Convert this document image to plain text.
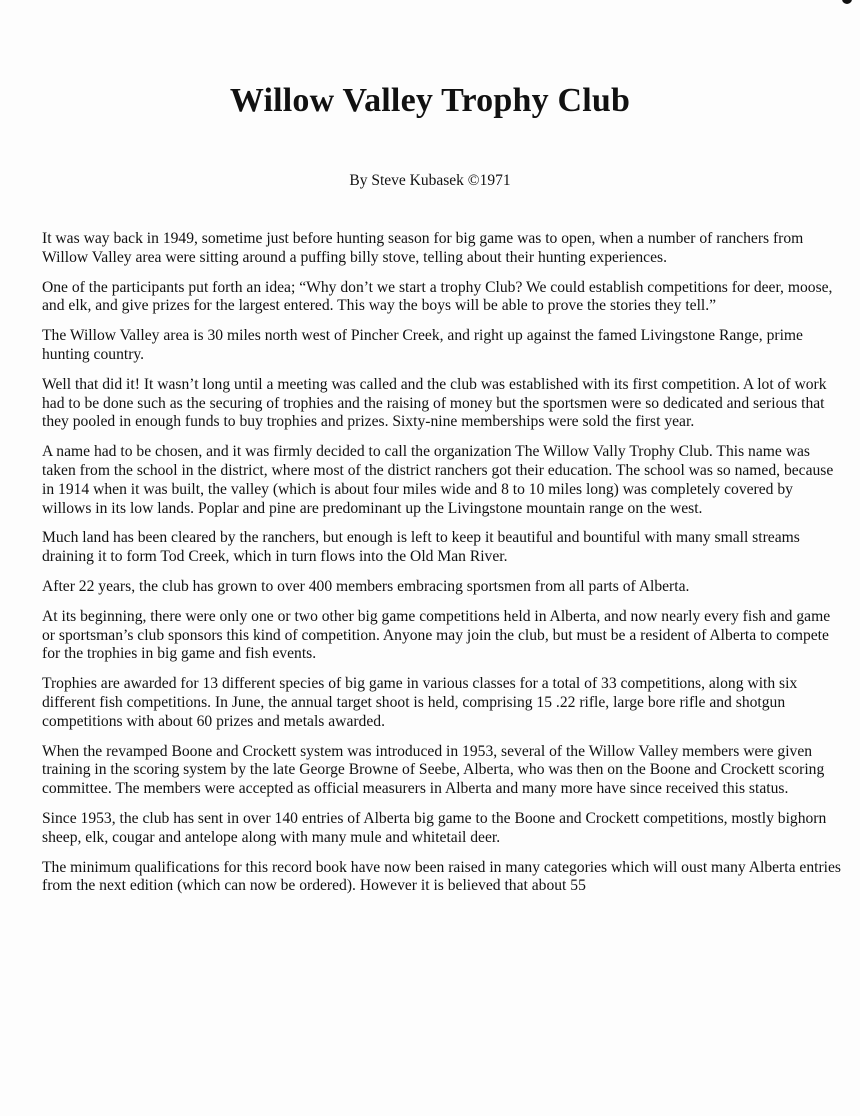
Willow Valley Trophy Club

By Steve Kubasek ©1971

It was way back in 1949, sometime just before hunting season for big game was to open, when a number of ranchers from Willow Valley area were sitting around a puffing billy stove, telling about their hunting experiences.

One of the participants put forth an idea; “Why don’t we start a trophy Club? We could establish competitions for deer, moose, and elk, and give prizes for the largest entered. This way the boys will be able to prove the stories they tell.”

The Willow Valley area is 30 miles north west of Pincher Creek, and right up against the famed Livingstone Range, prime hunting country.

Well that did it! It wasn’t long until a meeting was called and the club was established with its first competition. A lot of work had to be done such as the securing of trophies and the raising of money but the sportsmen were so dedicated and serious that they pooled in enough funds to buy trophies and prizes. Sixty-nine memberships were sold the first year.

A name had to be chosen, and it was firmly decided to call the organization The Willow Vally Trophy Club. This name was taken from the school in the district, where most of the district ranchers got their education. The school was so named, because in 1914 when it was built, the valley (which is about four miles wide and 8 to 10 miles long) was completely covered by willows in its low lands. Poplar and pine are predominant up the Livingstone mountain range on the west.

Much land has been cleared by the ranchers, but enough is left to keep it beautiful and bountiful with many small streams draining it to form Tod Creek, which in turn flows into the Old Man River.

After 22 years, the club has grown to over 400 members embracing sportsmen from all parts of Alberta.

At its beginning, there were only one or two other big game competitions held in Alberta, and now nearly every fish and game or sportsman’s club sponsors this kind of competition. Anyone may join the club, but must be a resident of Alberta to compete for the trophies in big game and fish events.

Trophies are awarded for 13 different species of big game in various classes for a total of 33 competitions, along with six different fish competitions. In June, the annual target shoot is held, comprising 15 .22 rifle, large bore rifle and shotgun competitions with about 60 prizes and metals awarded.

When the revamped Boone and Crockett system was introduced in 1953, several of the Willow Valley members were given training in the scoring system by the late George Browne of Seebe, Alberta, who was then on the Boone and Crockett scoring committee. The members were accepted as official measurers in Alberta and many more have since received this status.

Since 1953, the club has sent in over 140 entries of Alberta big game to the Boone and Crockett competitions, mostly bighorn sheep, elk, cougar and antelope along with many mule and whitetail deer.

The minimum qualifications for this record book have now been raised in many categories which will oust many Alberta entries from the next edition (which can now be ordered). However it is believed that about 55
